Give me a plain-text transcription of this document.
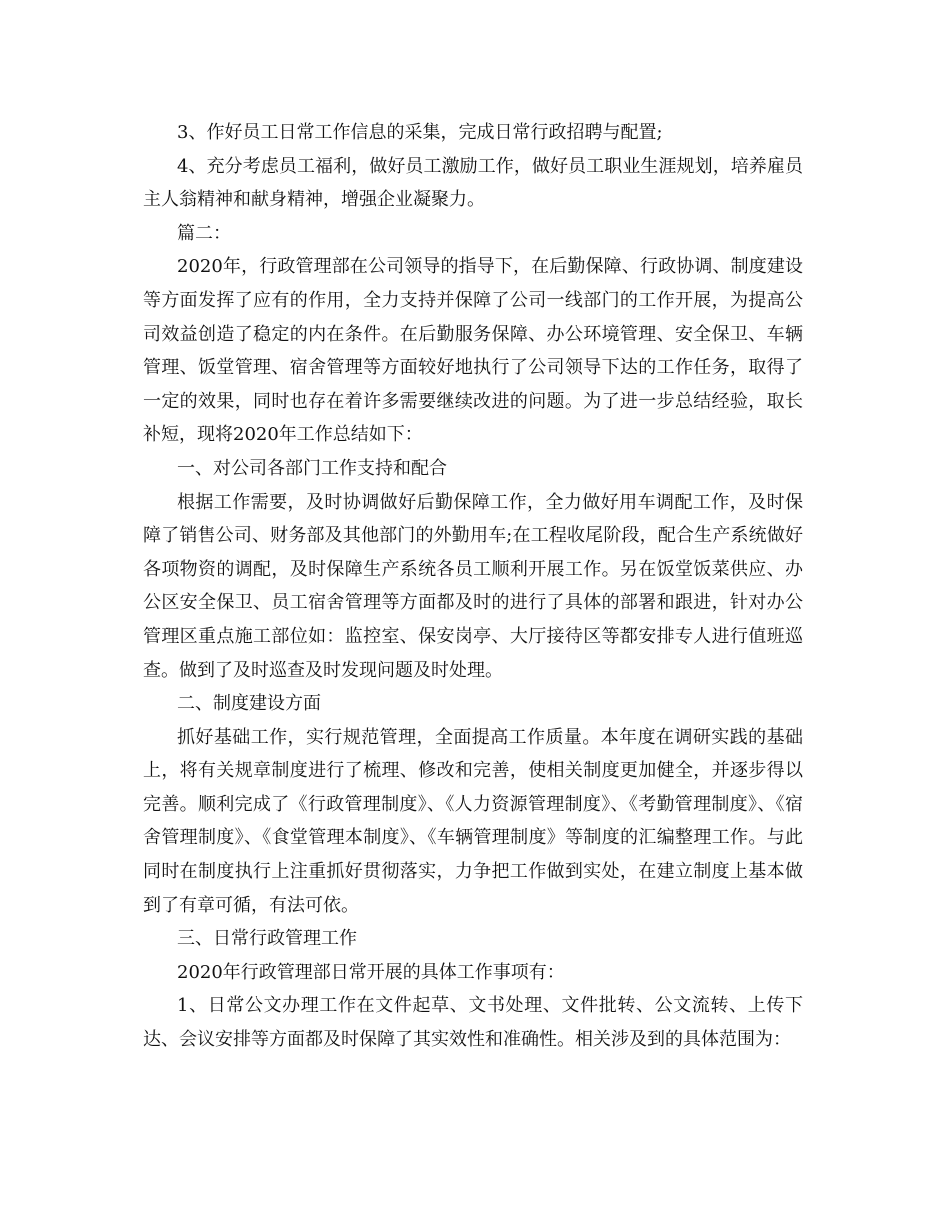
3、作好员工日常工作信息的采集，完成日常行政招聘与配置;

4、充分考虑员工福利，做好员工激励工作，做好员工职业生涯规划，培养雇员主人翁精神和献身精神，增强企业凝聚力。

篇二：

2020年，行政管理部在公司领导的指导下，在后勤保障、行政协调、制度建设等方面发挥了应有的作用，全力支持并保障了公司一线部门的工作开展，为提高公司效益创造了稳定的内在条件。在后勤服务保障、办公环境管理、安全保卫、车辆管理、饭堂管理、宿舍管理等方面较好地执行了公司领导下达的工作任务，取得了一定的效果，同时也存在着许多需要继续改进的问题。为了进一步总结经验，取长补短，现将2020年工作总结如下：

一、对公司各部门工作支持和配合

根据工作需要，及时协调做好后勤保障工作，全力做好用车调配工作，及时保障了销售公司、财务部及其他部门的外勤用车;在工程收尾阶段，配合生产系统做好各项物资的调配，及时保障生产系统各员工顺利开展工作。另在饭堂饭菜供应、办公区安全保卫、员工宿舍管理等方面都及时的进行了具体的部署和跟进，针对办公管理区重点施工部位如：监控室、保安岗亭、大厅接待区等都安排专人进行值班巡查。做到了及时巡查及时发现问题及时处理。

二、制度建设方面

抓好基础工作，实行规范管理，全面提高工作质量。本年度在调研实践的基础上，将有关规章制度进行了梳理、修改和完善，使相关制度更加健全，并逐步得以完善。顺利完成了《行政管理制度》、《人力资源管理制度》、《考勤管理制度》、《宿舍管理制度》、《食堂管理本制度》、《车辆管理制度》等制度的汇编整理工作。与此同时在制度执行上注重抓好贯彻落实，力争把工作做到实处，在建立制度上基本做到了有章可循，有法可依。

三、日常行政管理工作

2020年行政管理部日常开展的具体工作事项有：

1、日常公文办理工作在文件起草、文书处理、文件批转、公文流转、上传下达、会议安排等方面都及时保障了其实效性和准确性。相关涉及到的具体范围为：
